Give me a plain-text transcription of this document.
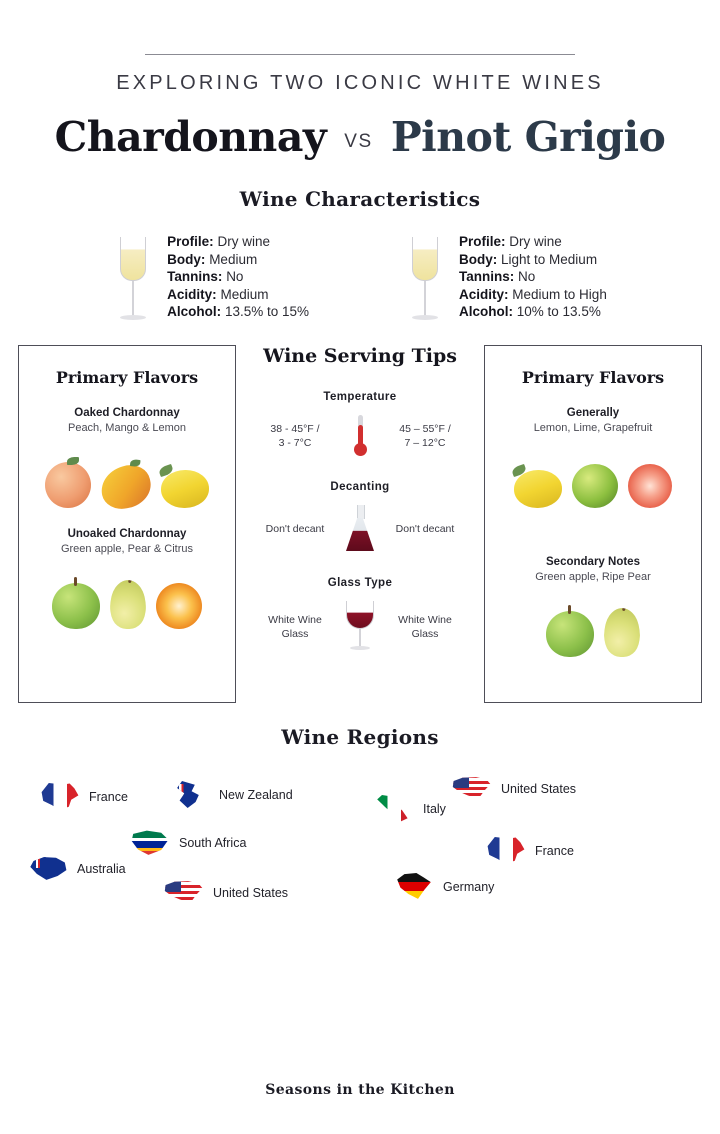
EXPLORING TWO ICONIC WHITE WINES
Chardonnay VS Pinot Grigio
Wine Characteristics
Profile: Dry wine
Body: Medium
Tannins: No
Acidity: Medium
Alcohol: 13.5% to 15%
Profile: Dry wine
Body: Light to Medium
Tannins: No
Acidity: Medium to High
Alcohol: 10% to 13.5%
Primary Flavors
Oaked Chardonnay
Peach, Mango & Lemon
Unoaked Chardonnay
Green apple, Pear & Citrus
Wine Serving Tips
Temperature
38 - 45°F /
3 - 7°C
45 – 55°F /
7 – 12°C
Decanting
Don't decant	Don't decant
Glass Type
White Wine
Glass
White Wine
Glass
Primary Flavors
Generally
Lemon, Lime, Grapefruit
Secondary Notes
Green apple, Ripe Pear
Wine Regions
France	New Zealand
South Africa
Australia
United States
United States
Italy
France
Germany
Seasons in the Kitchen
